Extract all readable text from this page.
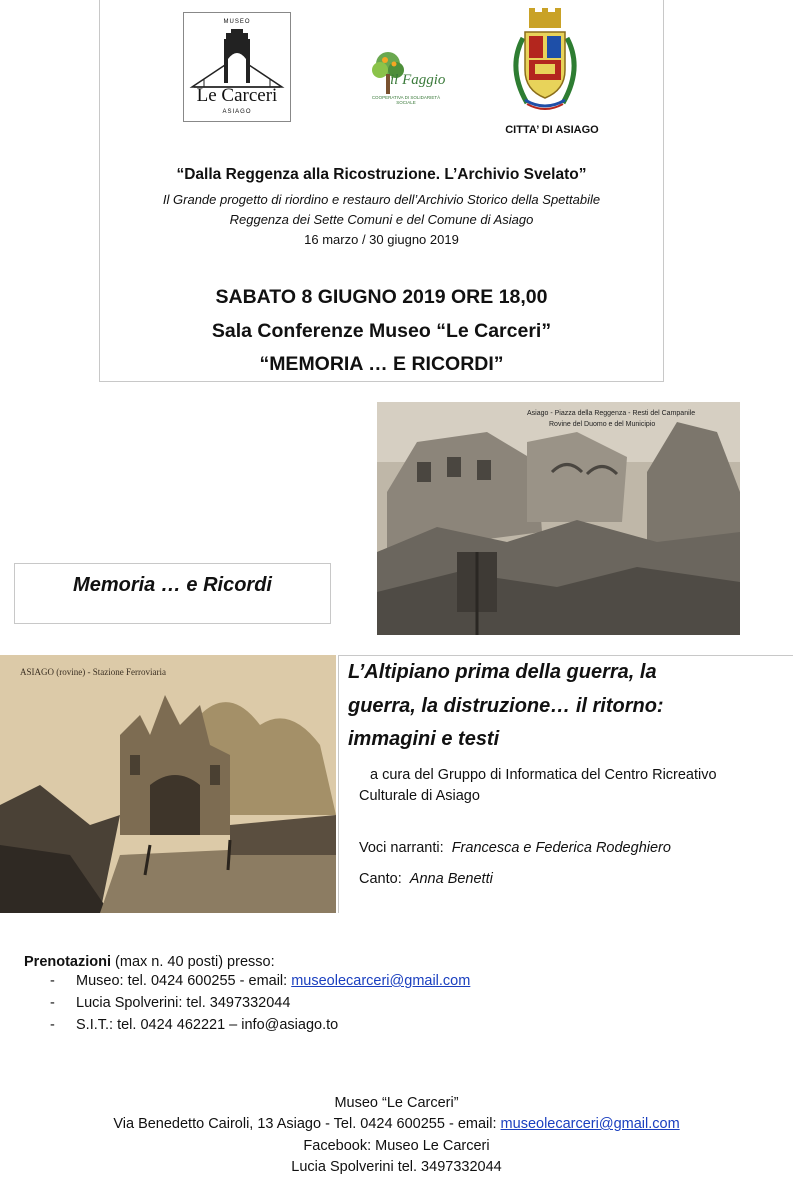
MUSEO
Le Carceri
ASIAGO
il Faggio
COOPERATIVA DI SOLIDARIETÀ SOCIALE
CITTA’ DI ASIAGO
“Dalla Reggenza alla Ricostruzione. L’Archivio Svelato”
Il Grande progetto di riordino e restauro dell’Archivio Storico della Spettabile
Reggenza dei Sette Comuni e del Comune di Asiago
16 marzo / 30 giugno 2019
SABATO 8 GIUGNO 2019 ORE 18,00
Sala Conferenze Museo “Le Carceri”
“MEMORIA … E RICORDI”
Asiago - Piazza della Reggenza - Resti del Campanile
Rovine del Duomo e del Municipio
Memoria … e Ricordi
ASIAGO (rovine) - Stazione Ferroviaria	L’Altipiano prima della guerra, la
guerra, la distruzione… il ritorno:
immagini e testi
a cura del Gruppo di Informatica del Centro Ricreativo
Culturale di Asiago
Voci narranti: Francesca e Federica Rodeghiero
Canto: Anna Benetti
Prenotazioni (max n. 40 posti) presso:
- Museo: tel. 0424 600255 - email: museolecarceri@gmail.com
- Lucia Spolverini: tel. 3497332044
- S.I.T.: tel. 0424 462221 – info@asiago.to
Museo “Le Carceri”
Via Benedetto Cairoli, 13 Asiago - Tel. 0424 600255 - email: museolecarceri@gmail.com
Facebook: Museo Le Carceri
Lucia Spolverini tel. 3497332044
